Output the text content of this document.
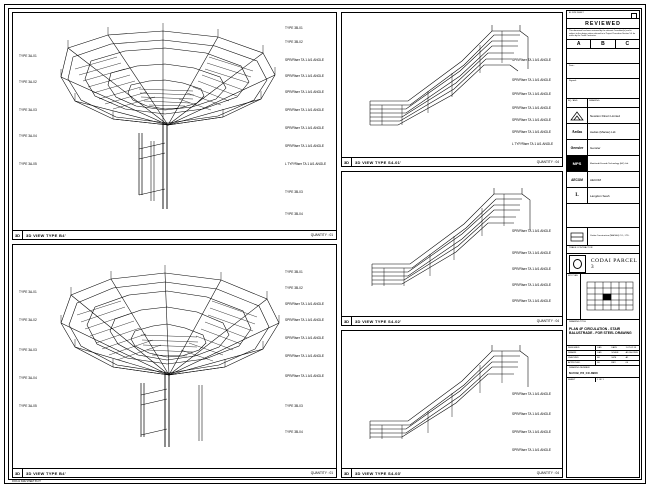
TYPE 3A-01
TYPE 3A-02
TYPE 3A-03
TYPE 3A-04
TYPE 3A-05
TYPE 3B-01
TYPE 3B-02
SPR/Riser TA 1 A/1 ANGLE
SPR/Riser TA 1 A/1 ANGLE
SPR/Riser TA 1 A/1 ANGLE
SPR/Riser TA 1 A/1 ANGLE
SPR/Riser TA 1 A/1 ANGLE
SPR/Riser TA 1 A/1 ANGLE
L TYP/Riser TA 1 A/1 ANGLE
TYPE 3B-03
TYPE 3B-04
3D	3D VIEW TYPE B4'	QUANTITY : 01
TYPE 3A-01
TYPE 3A-02
TYPE 3A-03
TYPE 3A-04
TYPE 3A-05
TYPE 3B-01
TYPE 3B-02
SPR/Riser TA 1 A/1 ANGLE
SPR/Riser TA 1 A/1 ANGLE
SPR/Riser TA 1 A/1 ANGLE
SPR/Riser TA 1 A/1 ANGLE
SPR/Riser TA 1 A/1 ANGLE
TYPE 3B-03
TYPE 3B-04
3D	3D VIEW TYPE B4'	QUANTITY : 01
SPR/Riser TA 1 A/1 ANGLE
SPR/Riser TA 1 A/1 ANGLE
SPR/Riser TA 1 A/1 ANGLE
SPR/Riser TA 1 A/1 ANGLE
SPR/Riser TA 1 A/1 ANGLE
SPR/Riser TA 1 A/1 ANGLE
L TYP/Riser TA 1 A/1 ANGLE
3D	3D VIEW TYPE S4-01'	QUANTITY : 04
SPR/Riser TA 1 A/1 ANGLE
SPR/Riser TA 1 A/1 ANGLE
SPR/Riser TA 1 A/1 ANGLE
SPR/Riser TA 1 A/1 ANGLE
SPR/Riser TA 1 A/1 ANGLE
3D	3D VIEW TYPE S4-02'	QUANTITY : 04
SPR/Riser TA 1 A/1 ANGLE
SPR/Riser TA 1 A/1 ANGLE
SPR/Riser TA 1 A/1 ANGLE
SPR/Riser TA 1 A/1 ANGLE
3D	3D VIEW TYPE S4-03'	QUANTITY : 04
A1 SIZE SHEET
REVIEWED
This document has been reviewed by the relevant Consultant(s) and is subject to the design status referred to in Project Procedure Section 5.4 for action by the Trade Contractor.
A	B	C
Date :
Signed :
BQ / AND	DRAWING
Newtion Direct Limited
Aedas	Aedas (Macau) Ltd.
Gensler	Gensler
MPS	Meinhardt Facade Technology (HK) Ltd.
AECOM	AECOM
L	Langdon Seah
Yaubo Construction (MACAU) CO., LTD.
TRADE CONTRACTOR
CODAI PARCEL 3
KEY PLAN
DRAWING TITLE
PLAN 4F CIRCULATION - STAIR BALUSTRADE - FOR STEEL DRAWING
DESIGNED	CAD	DATE	1.07.02.18
DRAWN	CAD	SCALE	AS SHOWN
CHECKED	SK	SIZE	A1
APPROVED	SK	REV	00
DRAWING NUMBER
M-FCB_P3_CC-8900
SHEET	1 OF 1
FOR A1 SIZE SHEET PLOT
